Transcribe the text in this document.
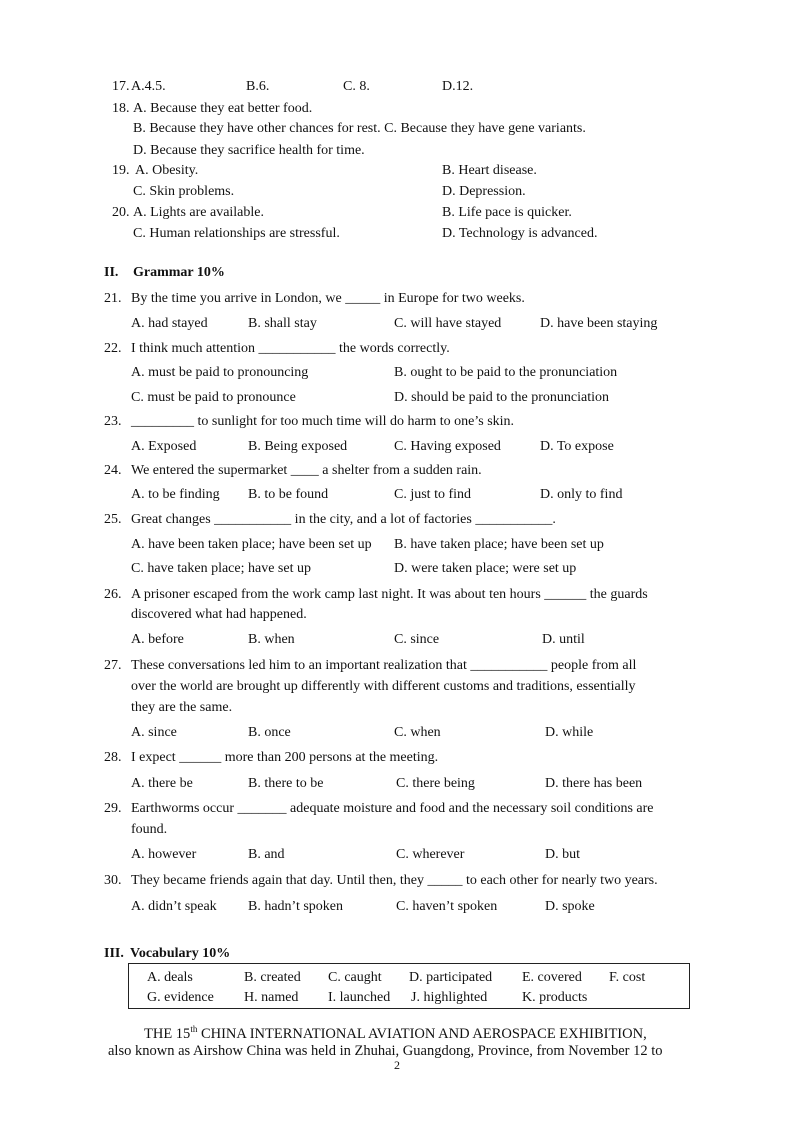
17. A.4.5.	B.6.	C. 8.	D.12.
18. A. Because they eat better food.
B. Because they have other chances for rest. C. Because they have gene variants.
D. Because they sacrifice health for time.
19. A. Obesity.	B. Heart disease.
C. Skin problems.	D. Depression.
20. A. Lights are available.	B. Life pace is quicker.
C. Human relationships are stressful.	D. Technology is advanced.
II. Grammar 10%
21. By the time you arrive in London, we _____ in Europe for two weeks.
A. had stayed	B. shall stay	C. will have stayed	D. have been staying
22. I think much attention ___________ the words correctly.
A. must be paid to pronouncing	B. ought to be paid to the pronunciation
C. must be paid to pronounce	D. should be paid to the pronunciation
23. _________ to sunlight for too much time will do harm to one’s skin.
A. Exposed	B. Being exposed	C. Having exposed	D. To expose
24. We entered the supermarket ____ a shelter from a sudden rain.
A. to be finding B. to be found	C. just to find	D. only to find
25. Great changes ___________ in the city, and a lot of factories ___________.
A. have been taken place; have been set up B. have taken place; have been set up
C. have taken place; have set up	D. were taken place; were set up
26. A prisoner escaped from the work camp last night. It was about ten hours ______ the guards
discovered what had happened.
A. before	B. when	C. since	D. until
27. These conversations led him to an important realization that ___________ people from all
over the world are brought up differently with different customs and traditions, essentially
they are the same.
A. since	B. once	C. when	D. while
28. I expect ______ more than 200 persons at the meeting.
A. there be	B. there to be	C. there being	D. there has been
29. Earthworms occur _______ adequate moisture and food and the necessary soil conditions are
found.
A. however	B. and	C. wherever	D. but
30. They became friends again that day. Until then, they _____ to each other for nearly two years.
A. didn’t speak B. hadn’t spoken	C. haven’t spoken	D. spoke
III. Vocabulary 10%
A. deals	B. created C. caught D. participated E. covered F. cost
G. evidence H. named I. launched J. highlighted K. products
THE 15th CHINA INTERNATIONAL AVIATION AND AEROSPACE EXHIBITION,
also known as Airshow China was held in Zhuhai, Guangdong, Province, from November 12 to
2
